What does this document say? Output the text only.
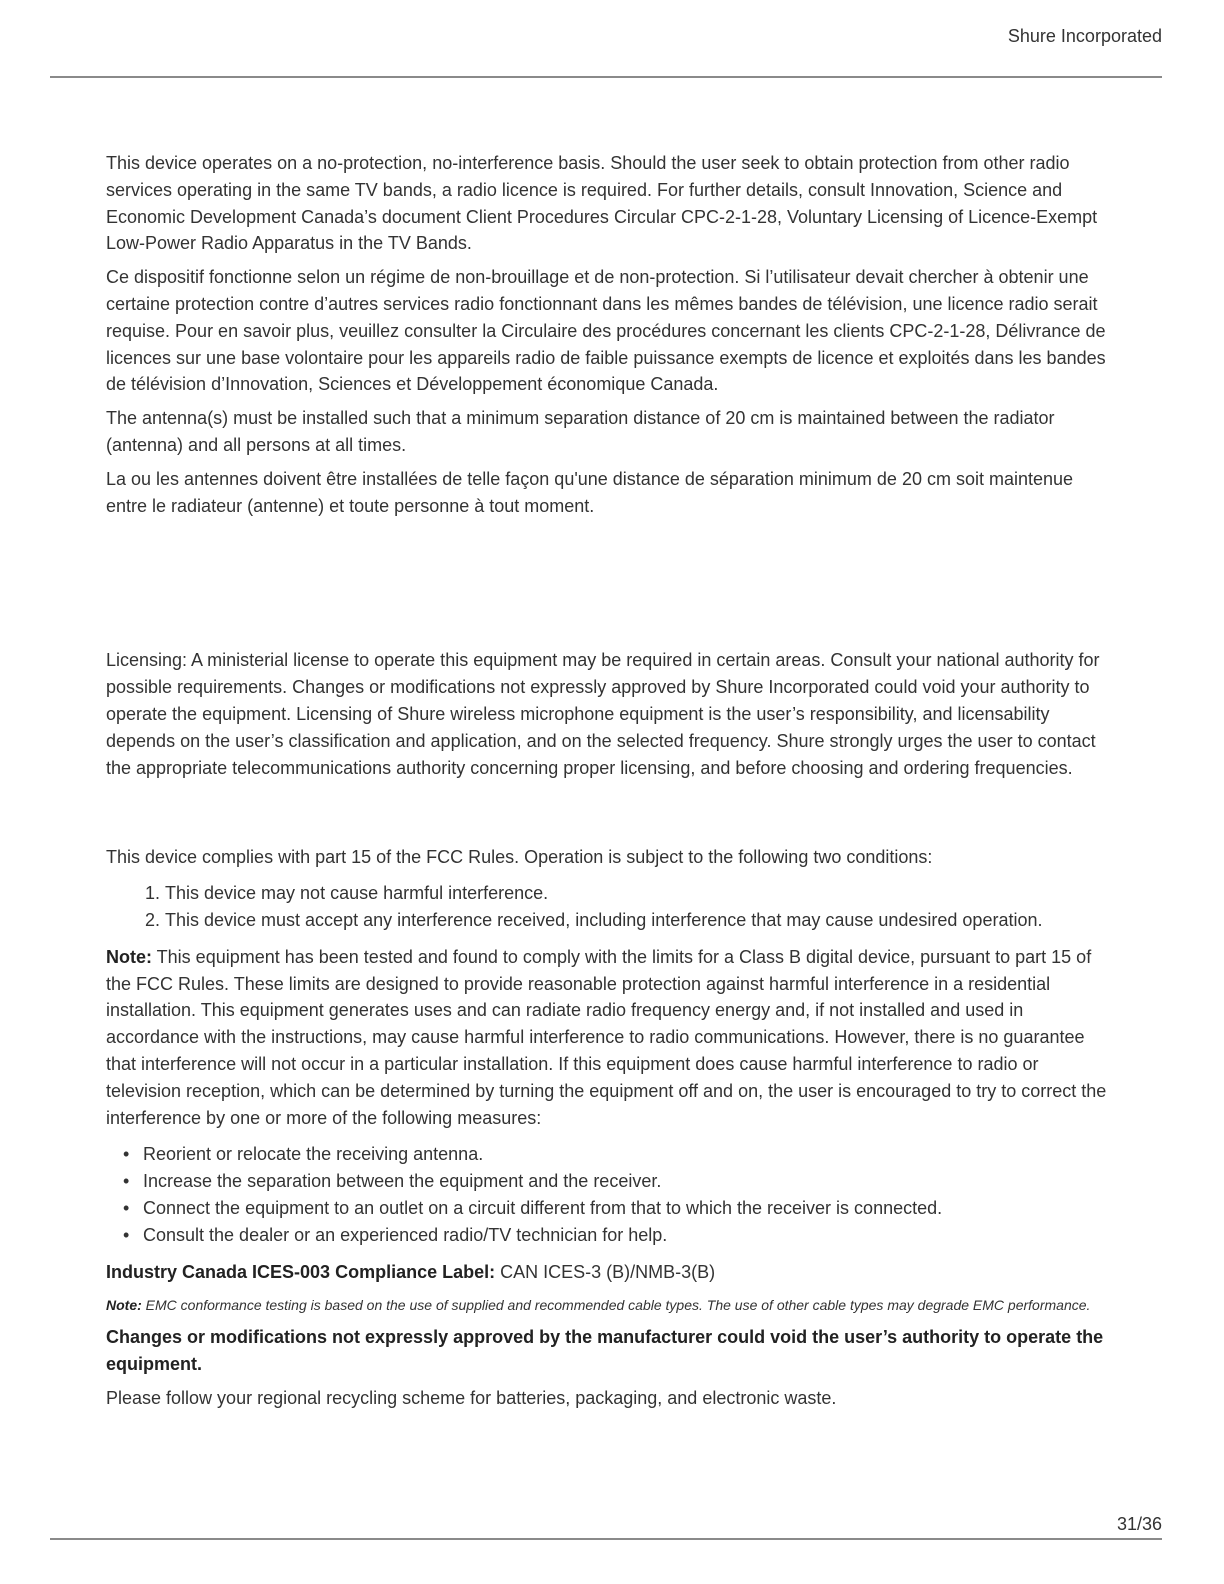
Shure Incorporated

This device operates on a no-protection, no-interference basis. Should the user seek to obtain protection from other radio services operating in the same TV bands, a radio licence is required. For further details, consult Innovation, Science and Economic Development Canada’s document Client Procedures Circular CPC-2-1-28, Voluntary Licensing of Licence-Exempt Low-Power Radio Apparatus in the TV Bands.

Ce dispositif fonctionne selon un régime de non‑brouillage et de non‑protection. Si l’utilisateur devait chercher à obtenir une certaine protection contre d’autres services radio fonctionnant dans les mêmes bandes de télévision, une licence radio serait requise. Pour en savoir plus, veuillez consulter la Circulaire des procédures concernant les clients CPC‑2‑1‑28, Délivrance de licences sur une base volontaire pour les appareils radio de faible puissance exempts de licence et exploités dans les bandes de télévision d’Innovation, Sciences et Développement économique Canada.

The antenna(s) must be installed such that a minimum separation distance of 20 cm is maintained between the radiator (antenna) and all persons at all times.

La ou les antennes doivent être installées de telle façon qu'une distance de séparation minimum de 20 cm soit maintenue entre le radiateur (antenne) et toute personne à tout moment.

Licensing: A ministerial license to operate this equipment may be required in certain areas. Consult your national authority for possible requirements. Changes or modifications not expressly approved by Shure Incorporated could void your authority to operate the equipment. Licensing of Shure wireless microphone equipment is the user’s responsibility, and licensability depends on the user’s classification and application, and on the selected frequency. Shure strongly urges the user to contact the appropriate telecommunications authority concerning proper licensing, and before choosing and ordering frequencies.

This device complies with part 15 of the FCC Rules. Operation is subject to the following two conditions:

1. This device may not cause harmful interference.
2. This device must accept any interference received, including interference that may cause undesired operation.

Note: This equipment has been tested and found to comply with the limits for a Class B digital device, pursuant to part 15 of the FCC Rules. These limits are designed to provide reasonable protection against harmful interference in a residential installation. This equipment generates uses and can radiate radio frequency energy and, if not installed and used in accordance with the instructions, may cause harmful interference to radio communications. However, there is no guarantee that interference will not occur in a particular installation. If this equipment does cause harmful interference to radio or television reception, which can be determined by turning the equipment off and on, the user is encouraged to try to correct the interference by one or more of the following measures:

• Reorient or relocate the receiving antenna.
• Increase the separation between the equipment and the receiver.
• Connect the equipment to an outlet on a circuit different from that to which the receiver is connected.
• Consult the dealer or an experienced radio/TV technician for help.

Industry Canada ICES-003 Compliance Label: CAN ICES-3 (B)/NMB-3(B)

Note: EMC conformance testing is based on the use of supplied and recommended cable types. The use of other cable types may degrade EMC performance.

Changes or modifications not expressly approved by the manufacturer could void the user’s authority to operate the equipment.

Please follow your regional recycling scheme for batteries, packaging, and electronic waste.

31/36
